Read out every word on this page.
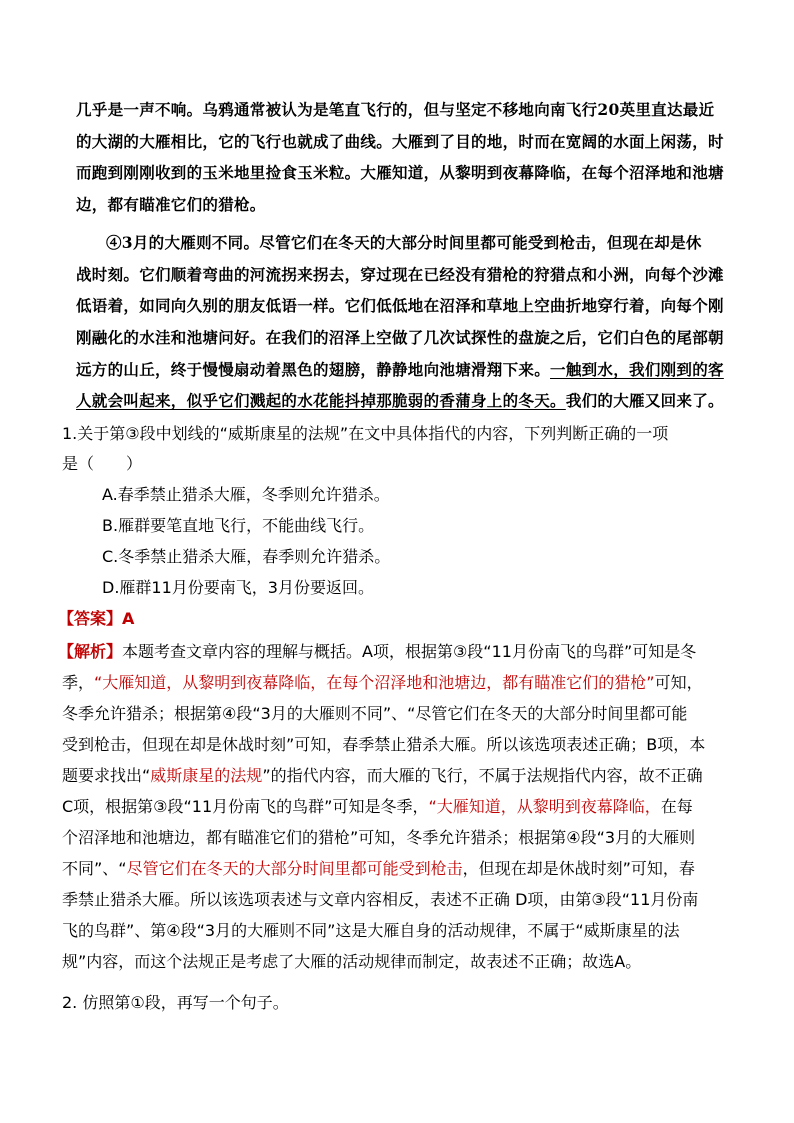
几乎是一声不响。乌鸦通常被认为是笔直飞行的，但与坚定不移地向南飞行20英里直达最近
的大湖的大雁相比，它的飞行也就成了曲线。大雁到了目的地，时而在宽阔的水面上闲荡，时
而跑到刚刚收到的玉米地里捡食玉米粒。大雁知道，从黎明到夜幕降临，在每个沼泽地和池塘
边，都有瞄准它们的猎枪。
④3月的大雁则不同。尽管它们在冬天的大部分时间里都可能受到枪击，但现在却是休
战时刻。它们顺着弯曲的河流拐来拐去，穿过现在已经没有猎枪的狩猎点和小洲，向每个沙滩
低语着，如同向久别的朋友低语一样。它们低低地在沼泽和草地上空曲折地穿行着，向每个刚
刚融化的水洼和池塘问好。在我们的沼泽上空做了几次试探性的盘旋之后，它们白色的尾部朝
远方的山丘，终于慢慢扇动着黑色的翅膀，静静地向池塘滑翔下来。一触到水，我们刚到的客
人就会叫起来，似乎它们溅起的水花能抖掉那脆弱的香蒲身上的冬天。我们的大雁又回来了。
1.关于第③段中划线的“威斯康星的法规”在文中具体指代的内容，下列判断正确的一项
是（　　）
A.春季禁止猎杀大雁，冬季则允许猎杀。
B.雁群要笔直地飞行，不能曲线飞行。
C.冬季禁止猎杀大雁，春季则允许猎杀。
D.雁群11月份要南飞，3月份要返回。
【答案】A
【解析】本题考查文章内容的理解与概括。A项，根据第③段“11月份南飞的鸟群”可知是冬
季，“大雁知道，从黎明到夜幕降临，在每个沼泽地和池塘边，都有瞄准它们的猎枪”可知，
冬季允许猎杀；根据第④段“3月的大雁则不同”、“尽管它们在冬天的大部分时间里都可能
受到枪击，但现在却是休战时刻”可知，春季禁止猎杀大雁。所以该选项表述正确；B项，本
题要求找出“威斯康星的法规”的指代内容，而大雁的飞行，不属于法规指代内容，故不正确
C项，根据第③段“11月份南飞的鸟群”可知是冬季，“大雁知道，从黎明到夜幕降临，在每
个沼泽地和池塘边，都有瞄准它们的猎枪”可知，冬季允许猎杀；根据第④段“3月的大雁则
不同”、“尽管它们在冬天的大部分时间里都可能受到枪击，但现在却是休战时刻”可知，春
季禁止猎杀大雁。所以该选项表述与文章内容相反，表述不正确 D项，由第③段“11月份南
飞的鸟群”、第④段“3月的大雁则不同”这是大雁自身的活动规律，不属于“威斯康星的法
规”内容，而这个法规正是考虑了大雁的活动规律而制定，故表述不正确；故选A。
2. 仿照第①段，再写一个句子。
